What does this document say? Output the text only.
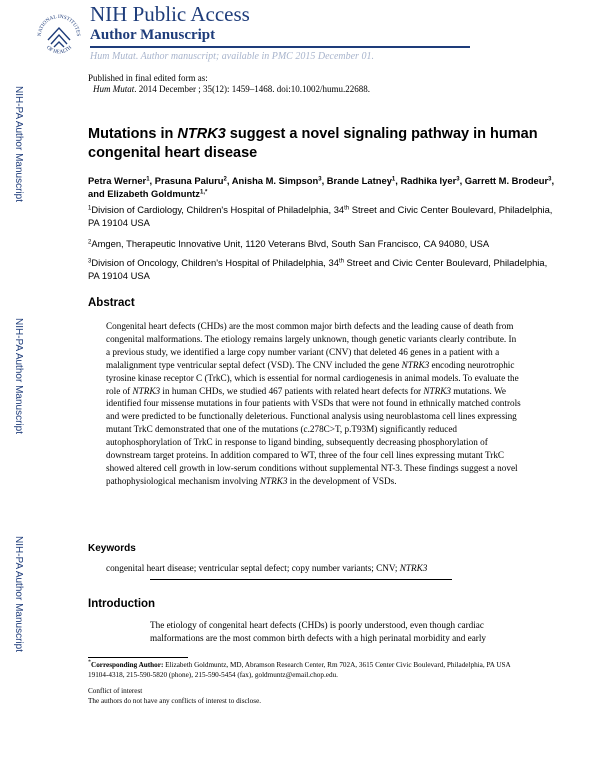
NATIONAL INSTITUTES
OF HEALTH
NIH Public Access
Author Manuscript
Hum Mutat. Author manuscript; available in PMC 2015 December 01.
Published in final edited form as:
Hum Mutat. 2014 December ; 35(12): 1459–1468. doi:10.1002/humu.22688.
NIH-PA Author Manuscript
NIH-PA Author Manuscript
NIH-PA Author Manuscript
Mutations in NTRK3 suggest a novel signaling pathway in human congenital heart disease
Petra Werner$^1$, Prasuna Paluru$^2$, Anisha M. Simpson$^3$, Brande Latney$^1$, Radhika Iyer$^3$, Garrett M. Brodeur$^3$, and Elizabeth Goldmuntz$^{1,*}$
$^1$Division of Cardiology, Children's Hospital of Philadelphia, 34th Street and Civic Center Boulevard, Philadelphia, PA 19104 USA
$^2$Amgen, Therapeutic Innovative Unit, 1120 Veterans Blvd, South San Francisco, CA 94080, USA
$^3$Division of Oncology, Children's Hospital of Philadelphia, 34th Street and Civic Center Boulevard, Philadelphia, PA 19104 USA
Abstract
Congenital heart defects (CHDs) are the most common major birth defects and the leading cause of death from congenital malformations. The etiology remains largely unknown, though genetic variants clearly contribute. In a previous study, we identified a large copy number variant (CNV) that deleted 46 genes in a patient with a malalignment type ventricular septal defect (VSD). The CNV included the gene NTRK3 encoding neurotrophic tyrosine kinase receptor C (TrkC), which is essential for normal cardiogenesis in animal models. To evaluate the role of NTRK3 in human CHDs, we studied 467 patients with related heart defects for NTRK3 mutations. We identified four missense mutations in four patients with VSDs that were not found in ethnically matched controls and were predicted to be functionally deleterious. Functional analysis using neuroblastoma cell lines expressing mutant TrkC demonstrated that one of the mutations (c.278C>T, p.T93M) significantly reduced autophosphorylation of TrkC in response to ligand binding, subsequently decreasing phosphorylation of downstream target proteins. In addition compared to WT, three of the four cell lines expressing mutant TrkC showed altered cell growth in low-serum conditions without supplemental NT-3. These findings suggest a novel pathophysiological mechanism involving NTRK3 in the development of VSDs.
Keywords
congenital heart disease; ventricular septal defect; copy number variants; CNV; NTRK3
Introduction
The etiology of congenital heart defects (CHDs) is poorly understood, even though cardiac malformations are the most common birth defects with a high perinatal morbidity and early
*Corresponding Author: Elizabeth Goldmuntz, MD, Abramson Research Center, Rm 702A, 3615 Center Civic Boulevard, Philadelphia, PA USA 19104-4318, 215-590-5820 (phone), 215-590-5454 (fax), goldmuntz@email.chop.edu.
Conflict of interest
The authors do not have any conflicts of interest to disclose.
